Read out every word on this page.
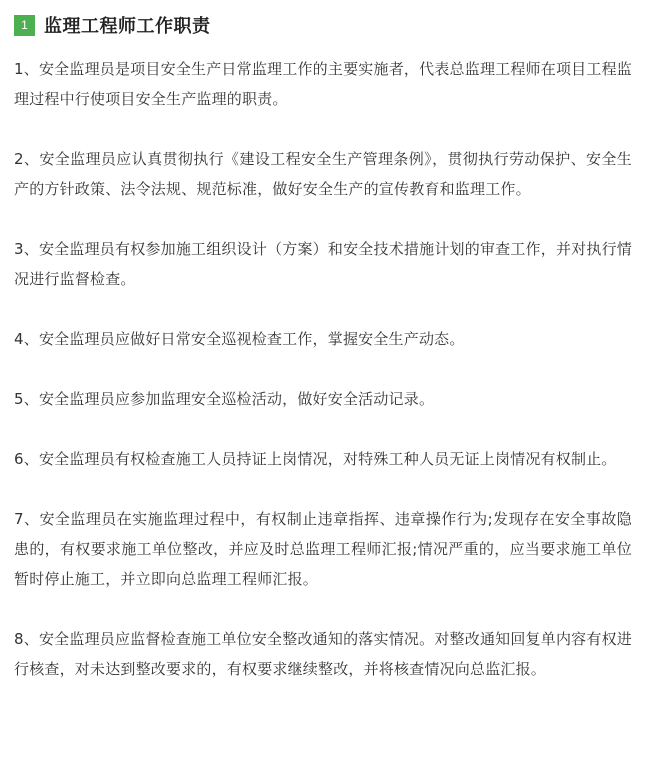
1 监理工程师工作职责

1、安全监理员是项目安全生产日常监理工作的主要实施者，代表总监理工程师在项目工程监理过程中行使项目安全生产监理的职责。

2、安全监理员应认真贯彻执行《建设工程安全生产管理条例》，贯彻执行劳动保护、安全生产的方针政策、法令法规、规范标准，做好安全生产的宣传教育和监理工作。

3、安全监理员有权参加施工组织设计（方案）和安全技术措施计划的审查工作，并对执行情况进行监督检查。

4、安全监理员应做好日常安全巡视检查工作，掌握安全生产动态。

5、安全监理员应参加监理安全巡检活动，做好安全活动记录。

6、安全监理员有权检查施工人员持证上岗情况，对特殊工种人员无证上岗情况有权制止。

7、安全监理员在实施监理过程中，有权制止违章指挥、违章操作行为;发现存在安全事故隐患的，有权要求施工单位整改，并应及时总监理工程师汇报;情况严重的，应当要求施工单位暂时停止施工，并立即向总监理工程师汇报。

8、安全监理员应监督检查施工单位安全整改通知的落实情况。对整改通知回复单内容有权进行核查，对未达到整改要求的，有权要求继续整改，并将核查情况向总监汇报。
